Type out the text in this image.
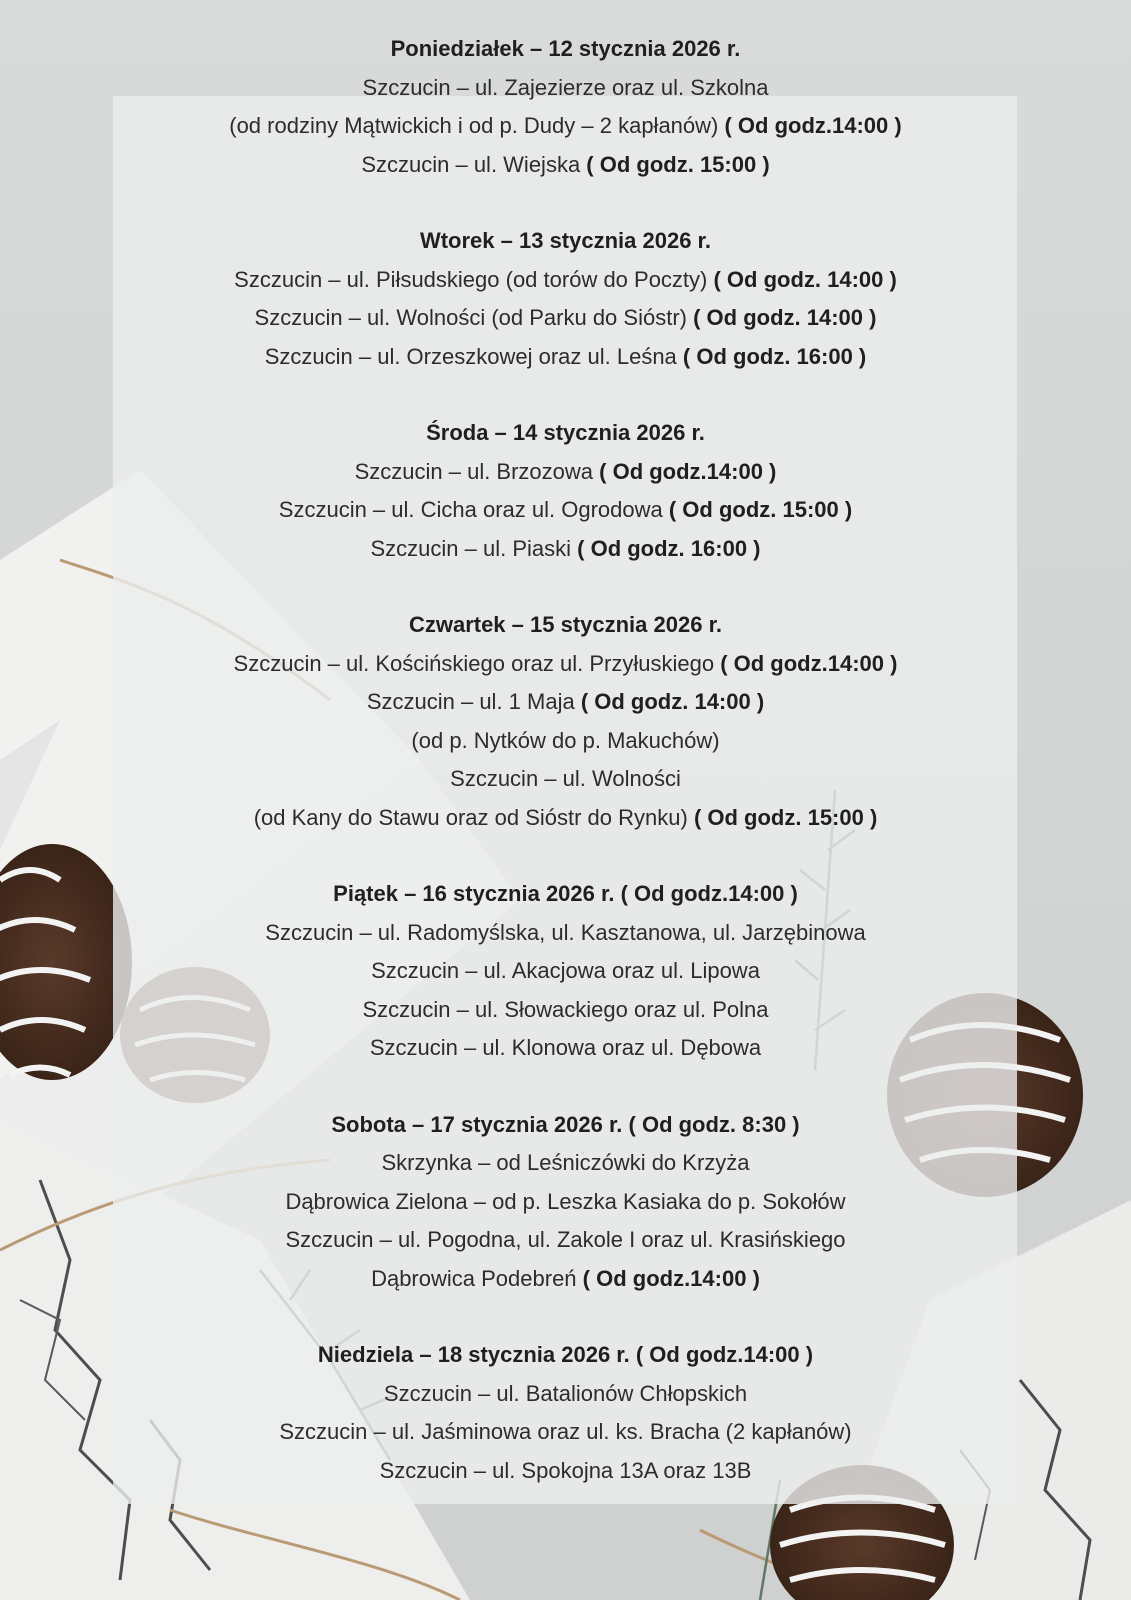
Poniedziałek – 12 stycznia 2026 r.
Szczucin – ul. Zajezierze oraz ul. Szkolna
(od rodziny Mątwickich i od p. Dudy – 2 kapłanów) ( Od godz.14:00 )
Szczucin – ul. Wiejska ( Od godz. 15:00 )
Wtorek – 13 stycznia 2026 r.
Szczucin – ul. Piłsudskiego (od torów do Poczty) ( Od godz. 14:00 )
Szczucin – ul. Wolności (od Parku do Sióstr) ( Od godz. 14:00 )
Szczucin – ul. Orzeszkowej oraz ul. Leśna ( Od godz. 16:00 )
Środa – 14 stycznia 2026 r.
Szczucin – ul. Brzozowa ( Od godz.14:00 )
Szczucin – ul. Cicha oraz ul. Ogrodowa ( Od godz. 15:00 )
Szczucin – ul. Piaski ( Od godz. 16:00 )
Czwartek – 15 stycznia 2026 r.
Szczucin – ul. Kościńskiego oraz ul. Przyłuskiego ( Od godz.14:00 )
Szczucin – ul. 1 Maja ( Od godz. 14:00 )
(od p. Nytków do p. Makuchów)
Szczucin – ul. Wolności
(od Kany do Stawu oraz od Sióstr do Rynku) ( Od godz. 15:00 )
Piątek – 16 stycznia 2026 r. ( Od godz.14:00 )
Szczucin – ul. Radomyślska, ul. Kasztanowa, ul. Jarzębinowa
Szczucin – ul. Akacjowa oraz ul. Lipowa
Szczucin – ul. Słowackiego oraz ul. Polna
Szczucin – ul. Klonowa oraz ul. Dębowa
Sobota – 17 stycznia 2026 r. ( Od godz. 8:30 )
Skrzynka – od Leśniczówki do Krzyża
Dąbrowica Zielona – od p. Leszka Kasiaka do p. Sokołów
Szczucin – ul. Pogodna, ul. Zakole I oraz ul. Krasińskiego
Dąbrowica Podebreń ( Od godz.14:00 )
Niedziela – 18 stycznia 2026 r. ( Od godz.14:00 )
Szczucin – ul. Batalionów Chłopskich
Szczucin – ul. Jaśminowa oraz ul. ks. Bracha (2 kapłanów)
Szczucin – ul. Spokojna 13A oraz 13B
